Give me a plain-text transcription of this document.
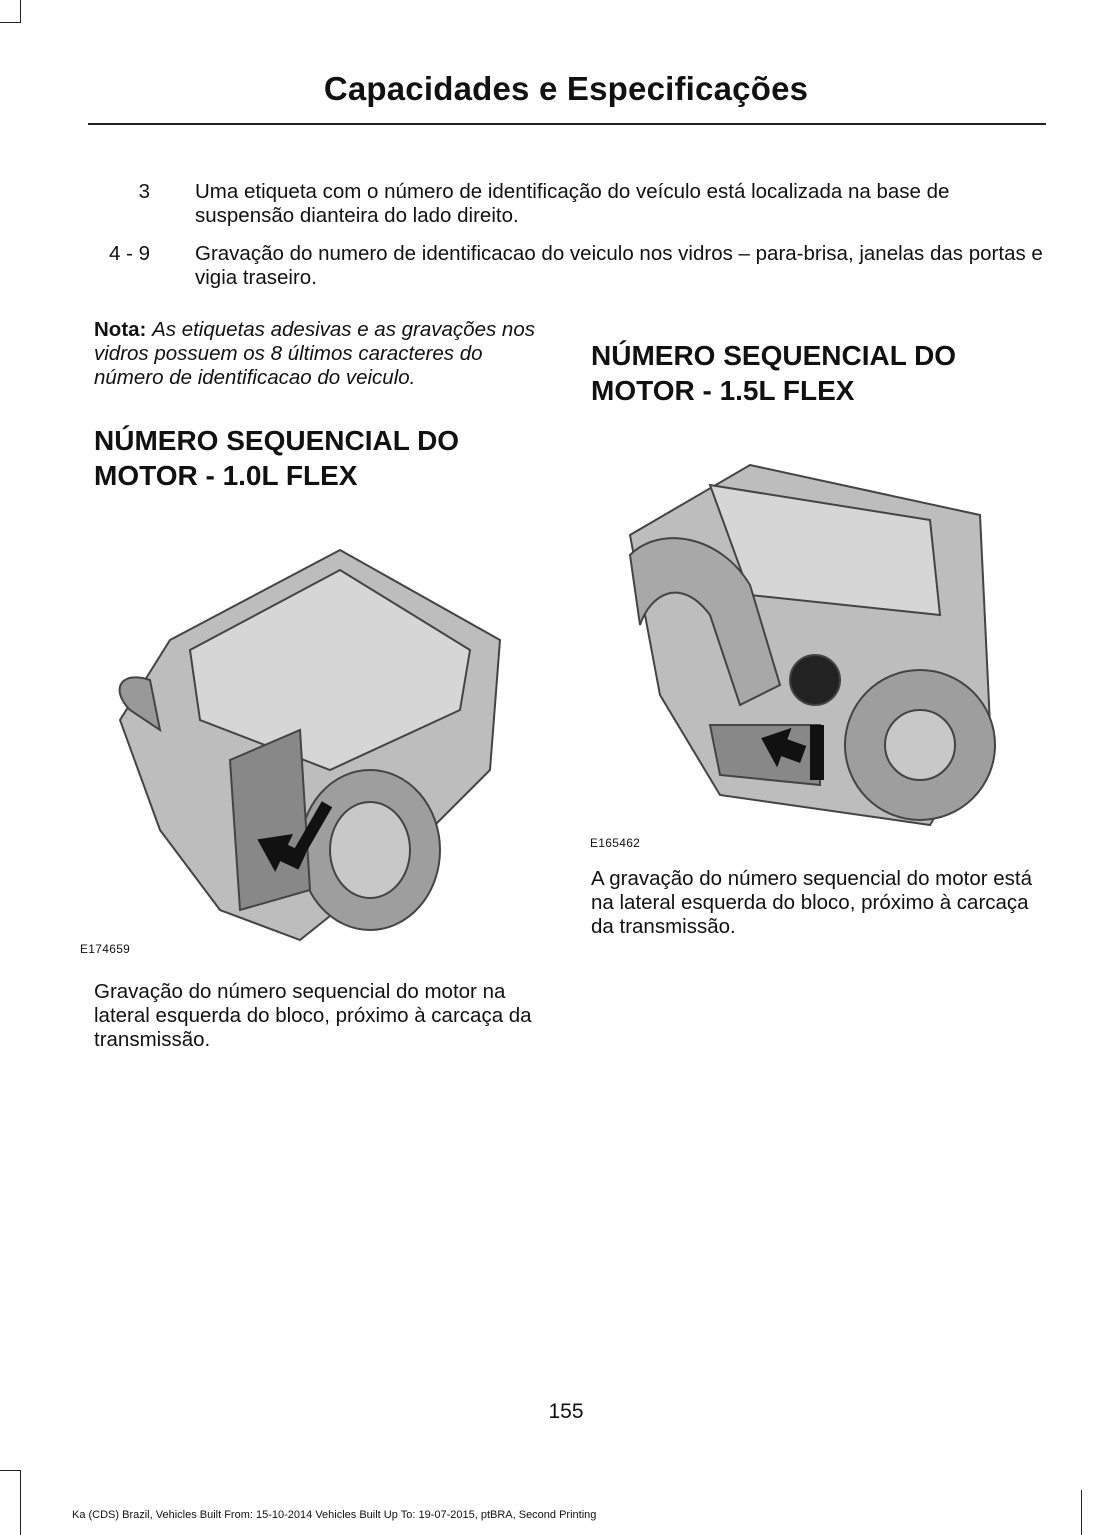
Capacidades e Especificações
3 Uma etiqueta com o número de identificação do veículo está localizada na base de suspensão dianteira do lado direito.
4 - 9 Gravação do numero de identificacao do veiculo nos vidros – para-brisa, janelas das portas e vigia traseiro.
Nota: As etiquetas adesivas e as gravações nos vidros possuem os 8 últimos caracteres do número de identificacao do veiculo.
NÚMERO SEQUENCIAL DO MOTOR - 1.0L FLEX
E174659
Gravação do número sequencial do motor na lateral esquerda do bloco, próximo à carcaça da transmissão.
NÚMERO SEQUENCIAL DO MOTOR - 1.5L FLEX
E165462
A gravação do número sequencial do motor está na lateral esquerda do bloco, próximo à carcaça da transmissão.
155
Ka (CDS) Brazil, Vehicles Built From: 15-10-2014 Vehicles Built Up To: 19-07-2015, ptBRA, Second Printing
